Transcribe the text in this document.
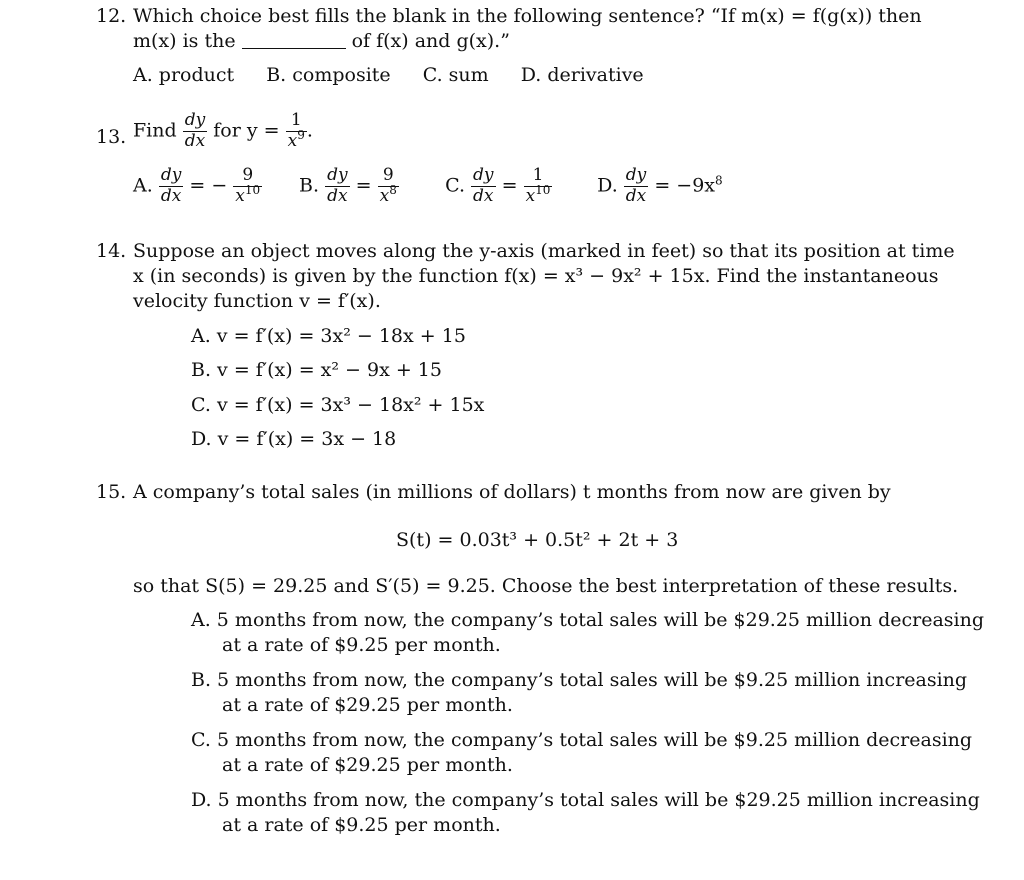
12. Which choice best fills the blank in the following sentence? “If m(x) = f(g(x)) then
m(x) is the	of f(x) and g(x).”
A. product B. composite C. sum D. derivative
13. Find $\frac{dy}{dx}$ for $y = \frac{1}{x^9}$ .
A. $\frac{dy}{dx}$ = − $\frac{9}{x^{10}} B$. $\frac{dy}{dx} = \frac{9}{x^8} C$. $\frac{dy}{dx} = \frac{1}{x^{10}} D$. $\frac{dy}{dx} = -9x^8$
14. Suppose an object moves along the y-axis (marked in feet) so that its position at time
x (in seconds) is given by the function f(x) = x³ − 9x² + 15x. Find the instantaneous
velocity function v = f′(x).
A. v = f′(x) = 3x² − 18x + 15
B. v = f′(x) = x² − 9x + 15
C. v = f′(x) = 3x³ − 18x² + 15x
D. v = f′(x) = 3x − 18
15. A company’s total sales (in millions of dollars) t months from now are given by
S(t) = 0.03t³ + 0.5t² + 2t + 3
so that S(5) = 29.25 and S′(5) = 9.25. Choose the best interpretation of these results.
A. 5 months from now, the company’s total sales will be $29.25 million decreasing
at a rate of $9.25 per month.
B. 5 months from now, the company’s total sales will be $9.25 million increasing
at a rate of $29.25 per month.
C. 5 months from now, the company’s total sales will be $9.25 million decreasing
at a rate of $29.25 per month.
D. 5 months from now, the company’s total sales will be $29.25 million increasing
at a rate of $9.25 per month.
